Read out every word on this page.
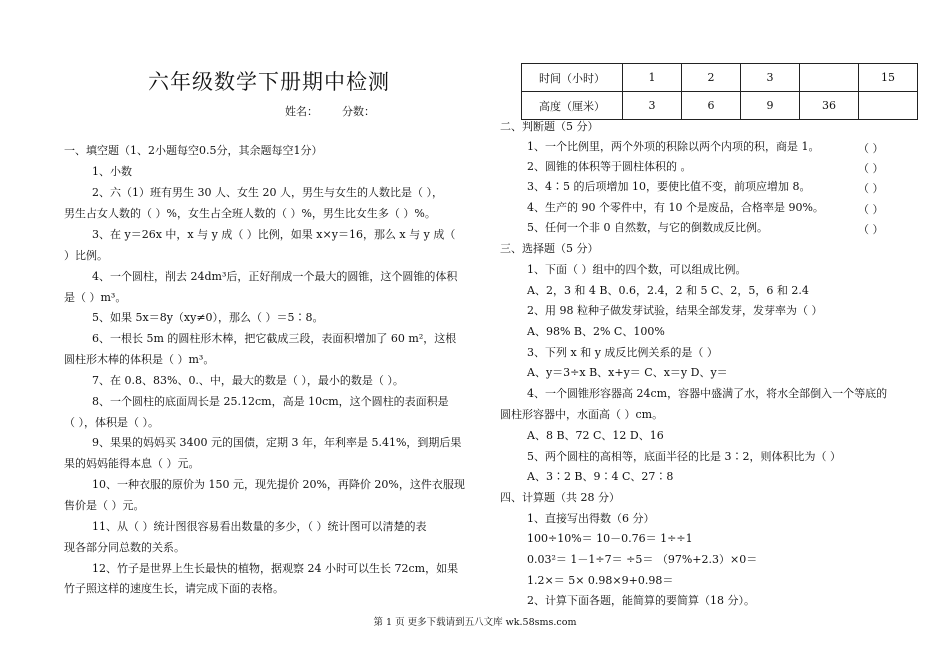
六年级数学下册期中检测
姓名： 分数：
一、填空题（1、2小题每空0.5分，其余题每空1分）
1、小数
2、六（1）班有男生 30 人、女生 20 人，男生与女生的人数比是（ ），
男生占女人数的（ ）%，女生占全班人数的（ ）%，男生比女生多（ ）%。
3、在 y＝26x 中，x 与 y 成（ ）比例，如果 x×y＝16，那么 x 与 y 成（
）比例。
4、一个圆柱，削去 24dm³后，正好削成一个最大的圆锥，这个圆锥的体积
是（ ）m³。
5、如果 5x＝8y（xy≠0），那么（ ）＝5∶8。
6、一根长 5m 的圆柱形木棒，把它截成三段，表面积增加了 60 m²，这根
圆柱形木棒的体积是（ ）m³。
7、在 0.8、83%、0.、中，最大的数是（ ），最小的数是（ ）。
8、一个圆柱的底面周长是 25.12cm，高是 10cm，这个圆柱的表面积是
（ ），体积是（ ）。
9、果果的妈妈买 3400 元的国债，定期 3 年，年利率是 5.41%，到期后果
果的妈妈能得本息（ ）元。
10、一种衣服的原价为 150 元，现先提价 20%，再降价 20%，这件衣服现
售价是（ ）元。
11、从（ ）统计图很容易看出数量的多少，（ ）统计图可以清楚的表
现各部分同总数的关系。
12、竹子是世界上生长最快的植物，据观察 24 小时可以生长 72cm，如果
竹子照这样的速度生长，请完成下面的表格。
时间（小时）	1	2	3		15
高度（厘米）	3	6	9	36	
二、判断题（5 分）
1、一个比例里，两个外项的积除以两个内项的积，商是 1。	（ ）
2、圆锥的体积等于圆柱体积的 。	（ ）
3、4∶5 的后项增加 10，要使比值不变，前项应增加 8。	（ ）
4、生产的 90 个零件中，有 10 个是废品，合格率是 90%。	（ ）
5、任何一个非 0 自然数，与它的倒数成反比例。	（ ）
三、选择题（5 分）
1、下面（ ）组中的四个数，可以组成比例。
A、2，3 和 4 B、0.6，2.4，2 和 5 C、2，5，6 和 2.4
2、用 98 粒种子做发芽试验，结果全部发芽，发芽率为（ ）
A、98% B、2% C、100%
3、下列 x 和 y 成反比例关系的是（ ）
A、y＝3÷x B、x+y＝ C、x＝y D、y＝
4、一个圆锥形容器高 24cm，容器中盛满了水，将水全部倒入一个等底的
圆柱形容器中，水面高（ ）cm。
A、8 B、72 C、12 D、16
5、两个圆柱的高相等，底面半径的比是 3∶2，则体积比为（ ）
A、3∶2 B、9∶4 C、27∶8
四、计算题（共 28 分）
1、直接写出得数（6 分）
100÷10%＝ 10－0.76＝ 1÷÷1
0.03²＝ 1－1÷7＝ ÷5＝ （97%+2.3）×0＝
1.2×＝ 5× 0.98×9+0.98＝
2、计算下面各题，能简算的要简算（18 分）。
第 1 页 更多下载请到五八文库 wk.58sms.com
